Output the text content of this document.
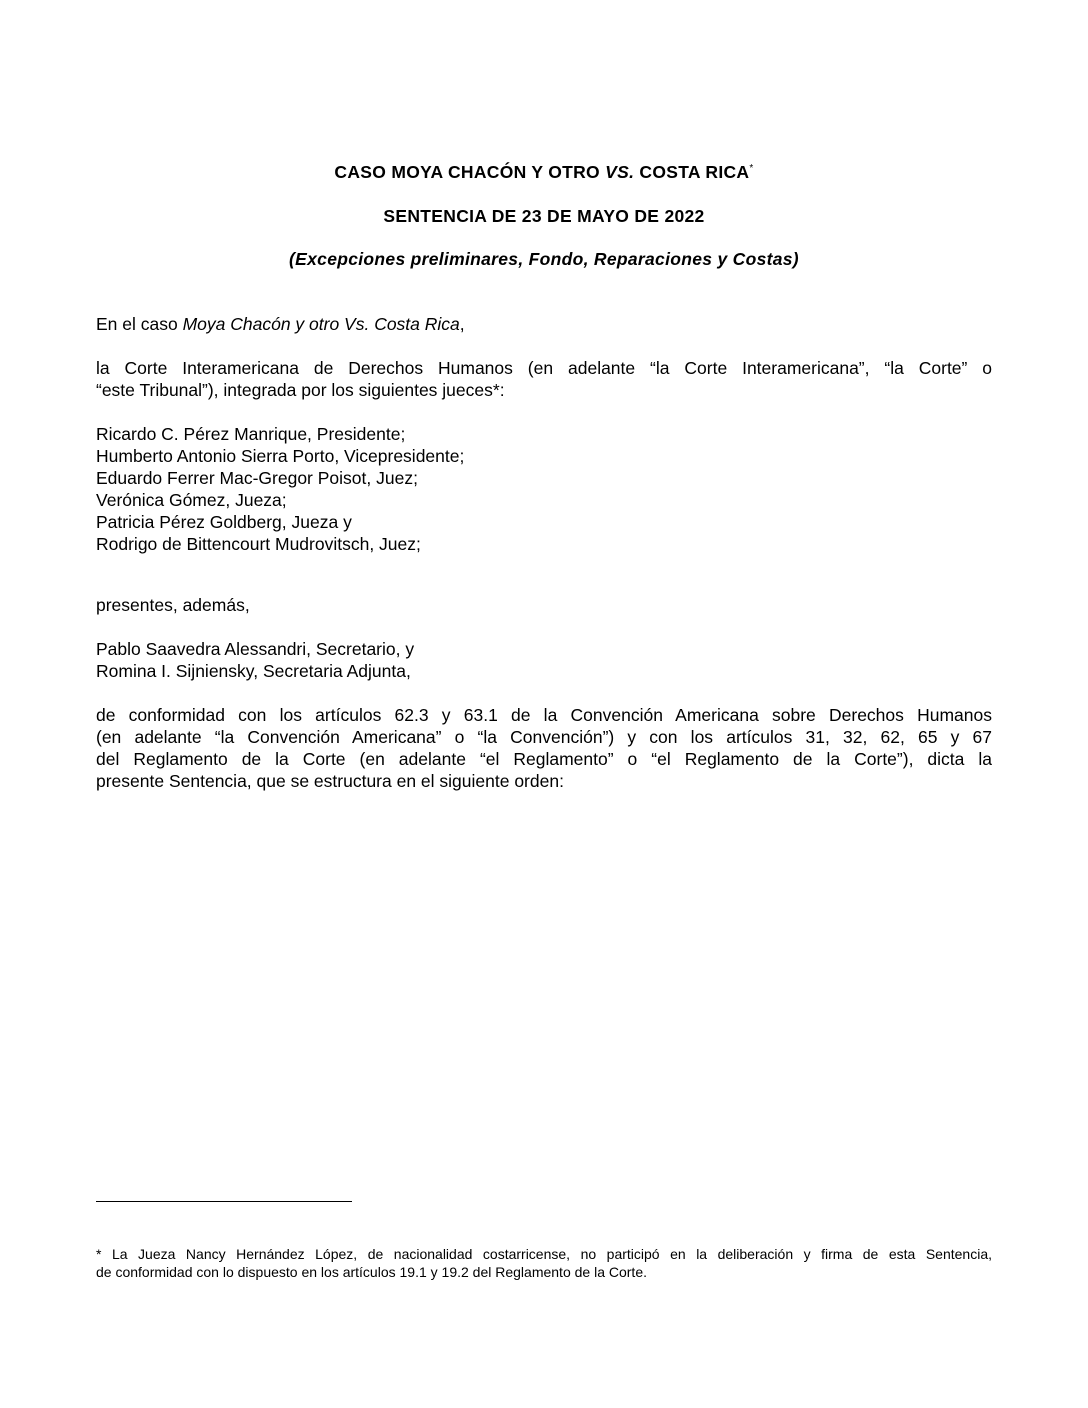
CASO MOYA CHACÓN Y OTRO VS. COSTA RICA*
SENTENCIA DE 23 DE MAYO DE 2022
(Excepciones preliminares, Fondo, Reparaciones y Costas)

En el caso Moya Chacón y otro Vs. Costa Rica,

la Corte Interamericana de Derechos Humanos (en adelante “la Corte Interamericana”, “la Corte” o
“este Tribunal”), integrada por los siguientes jueces*:

Ricardo C. Pérez Manrique, Presidente;
Humberto Antonio Sierra Porto, Vicepresidente;
Eduardo Ferrer Mac-Gregor Poisot, Juez;
Verónica Gómez, Jueza;
Patricia Pérez Goldberg, Jueza y
Rodrigo de Bittencourt Mudrovitsch, Juez;

presentes, además,

Pablo Saavedra Alessandri, Secretario, y
Romina I. Sijniensky, Secretaria Adjunta,

de conformidad con los artículos 62.3 y 63.1 de la Convención Americana sobre Derechos Humanos
(en adelante “la Convención Americana” o “la Convención”) y con los artículos 31, 32, 62, 65 y 67
del Reglamento de la Corte (en adelante “el Reglamento” o “el Reglamento de la Corte”), dicta la
presente Sentencia, que se estructura en el siguiente orden:

* La Jueza Nancy Hernández López, de nacionalidad costarricense, no participó en la deliberación y firma de esta Sentencia,
de conformidad con lo dispuesto en los artículos 19.1 y 19.2 del Reglamento de la Corte.
